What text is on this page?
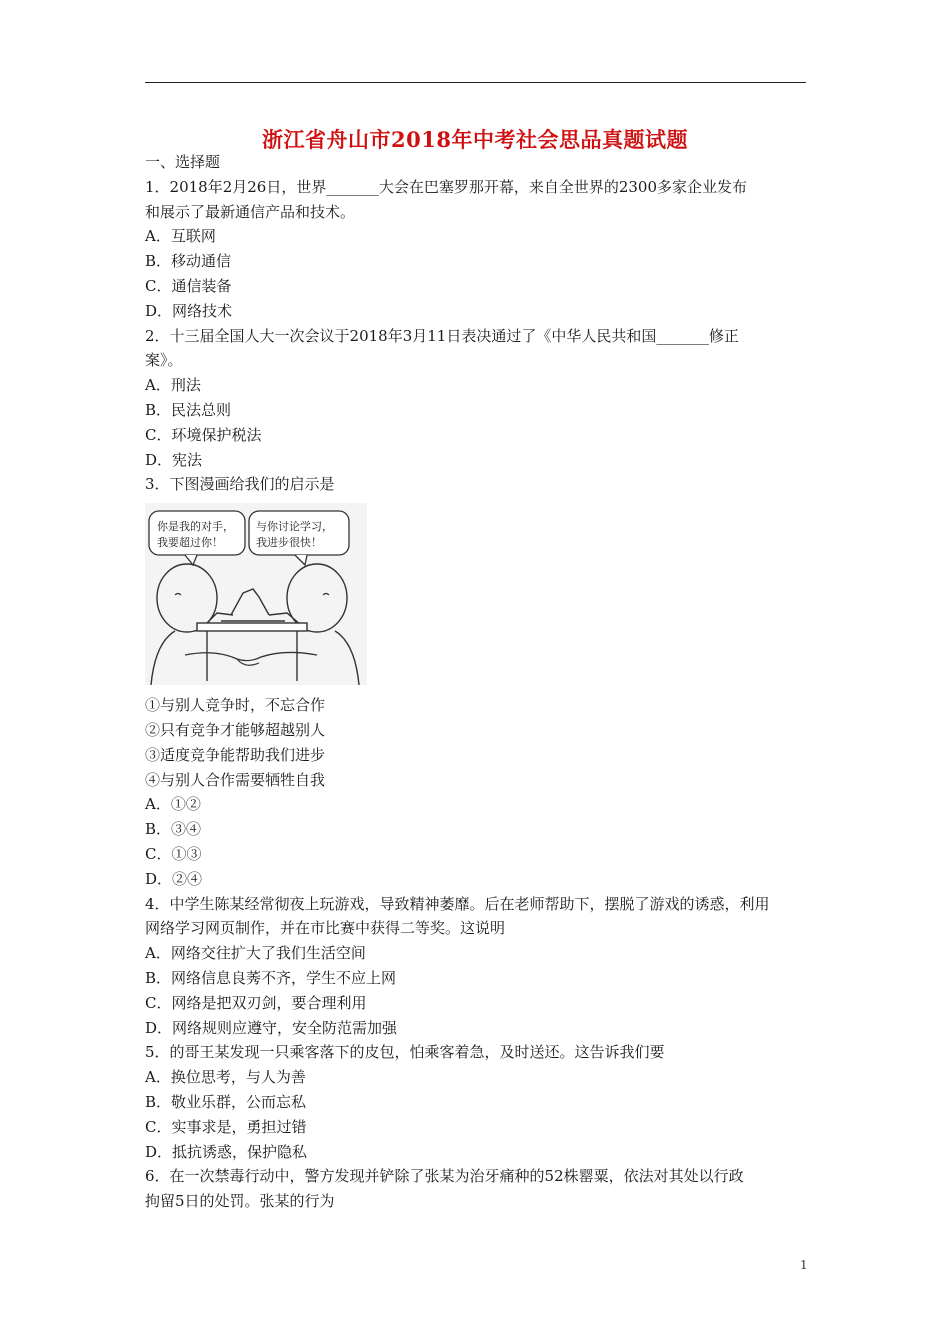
浙江省舟山市2018年中考社会思品真题试题
一、选择题
1．2018年2月26日，世界_______大会在巴塞罗那开幕，来自全世界的2300多家企业发布
和展示了最新通信产品和技术。
A．互联网
B．移动通信
C．通信装备
D．网络技术
2．十三届全国人大一次会议于2018年3月11日表决通过了《中华人民共和国_______修正
案》。
A．刑法
B．民法总则
C．环境保护税法
D．宪法
3．下图漫画给我们的启示是
你是我的对手，
我要超过你！
与你讨论学习，
我进步很快！
①与别人竞争时，不忘合作
②只有竞争才能够超越别人
③适度竞争能帮助我们进步
④与别人合作需要牺牲自我
A．①②
B．③④
C．①③
D．②④
4．中学生陈某经常彻夜上玩游戏，导致精神萎靡。后在老师帮助下，摆脱了游戏的诱惑，利用
网络学习网页制作，并在市比赛中获得二等奖。这说明
A．网络交往扩大了我们生活空间
B．网络信息良莠不齐，学生不应上网
C．网络是把双刃剑，要合理利用
D．网络规则应遵守，安全防范需加强
5．的哥王某发现一只乘客落下的皮包，怕乘客着急，及时送还。这告诉我们要
A．换位思考，与人为善
B．敬业乐群，公而忘私
C．实事求是，勇担过错
D．抵抗诱惑，保护隐私
6．在一次禁毒行动中，警方发现并铲除了张某为治牙痛种的52株罂粟，依法对其处以行政
拘留5日的处罚。张某的行为
1
